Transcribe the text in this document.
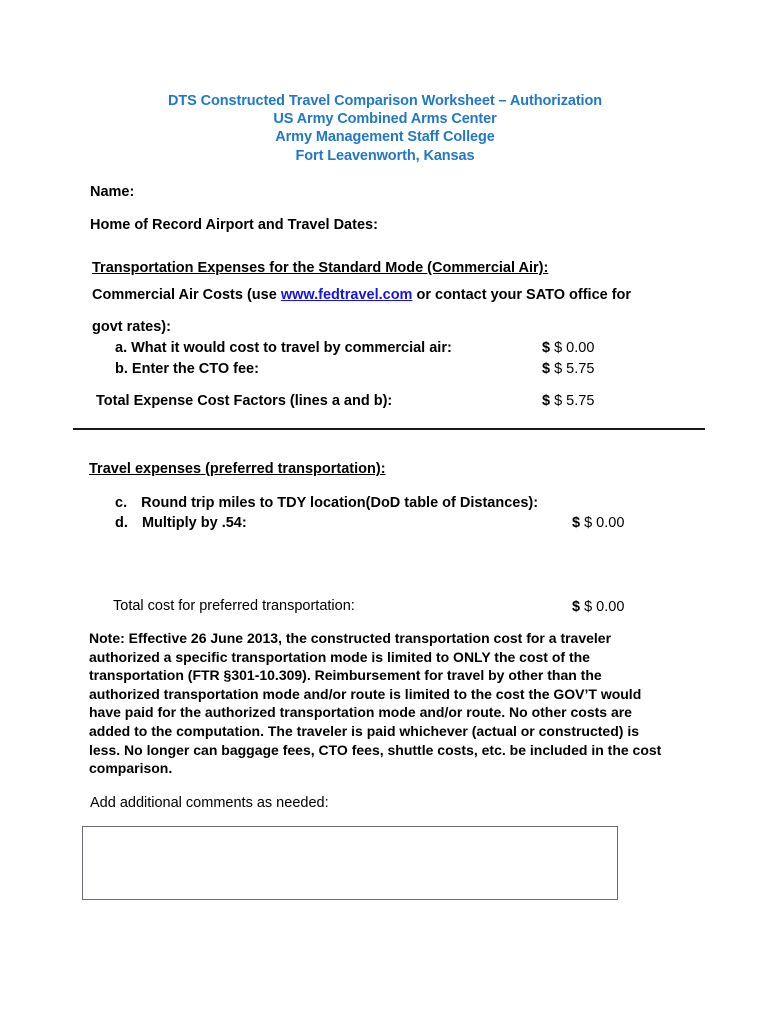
DTS Constructed Travel Comparison Worksheet – Authorization
US Army Combined Arms Center
Army Management Staff College
Fort Leavenworth, Kansas
Name:
Home of Record Airport and Travel Dates:
Transportation Expenses for the Standard Mode (Commercial Air):
Commercial Air Costs (use www.fedtravel.com or contact your SATO office for
govt rates):
a. What it would cost to travel by commercial air:	$ $ 0.00
b. Enter the CTO fee:	$ $ 5.75
Total Expense Cost Factors (lines a and b):	$ $ 5.75
Travel expenses (preferred transportation):
c. Round trip miles to TDY location(DoD table of Distances):
d. Multiply by .54:	$ $ 0.00
Total cost for preferred transportation:	$ $ 0.00
Note: Effective 26 June 2013, the constructed transportation cost for a traveler authorized a specific transportation mode is limited to ONLY the cost of the transportation (FTR §301-10.309). Reimbursement for travel by other than the authorized transportation mode and/or route is limited to the cost the GOV’T would have paid for the authorized transportation mode and/or route. No other costs are added to the computation. The traveler is paid whichever (actual or constructed) is less. No longer can baggage fees, CTO fees, shuttle costs, etc. be included in the cost comparison.
Add additional comments as needed:
